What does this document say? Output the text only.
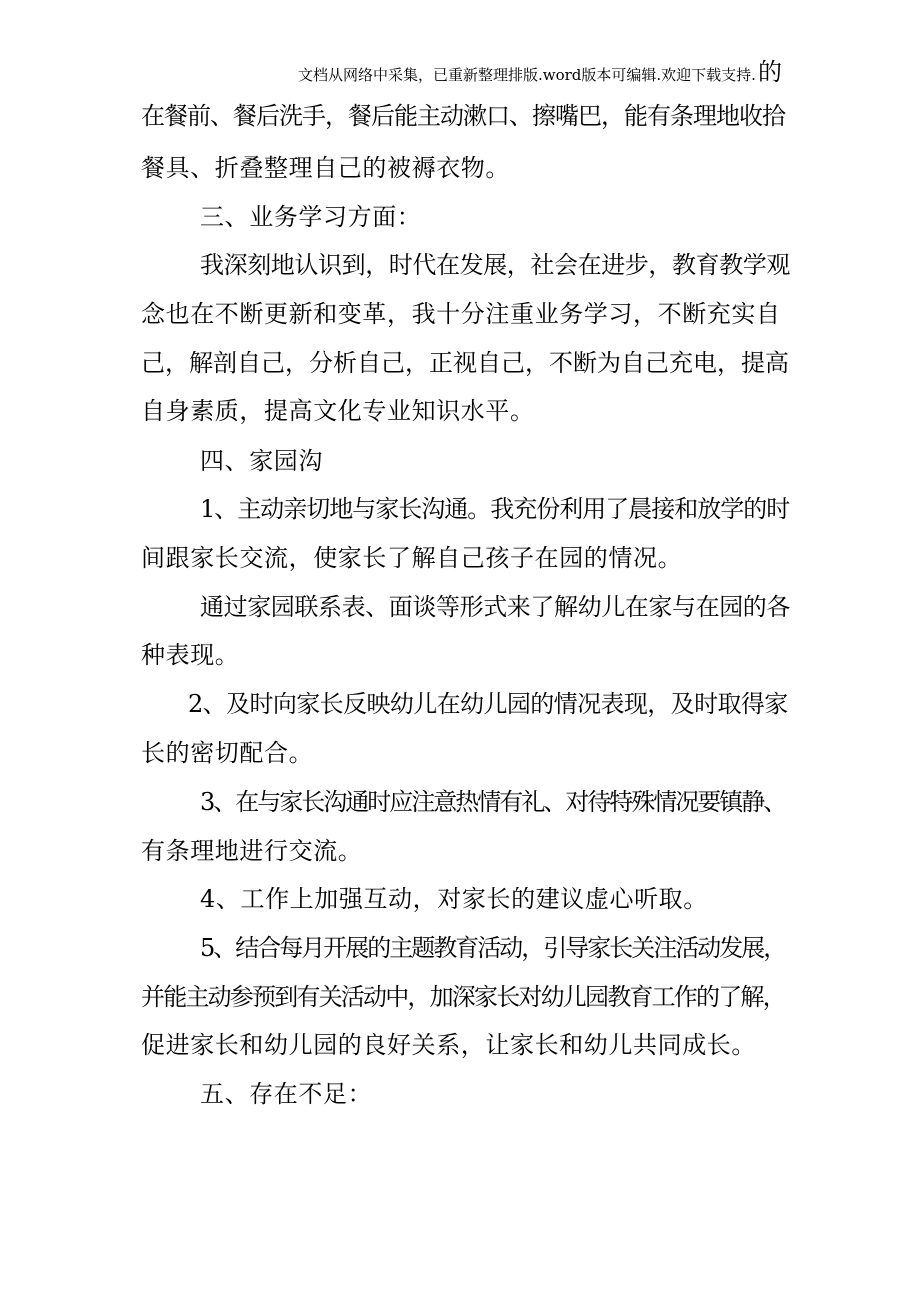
文档从网络中采集，已重新整理排版.word版本可编辑.欢迎下载支持.的
在餐前、餐后洗手，餐后能主动漱口、擦嘴巴，能有条理地收拾
餐具、折叠整理自己的被褥衣物。
三、业务学习方面：
我深刻地认识到，时代在发展，社会在进步，教育教学观
念也在不断更新和变革，我十分注重业务学习，不断充实自
己，解剖自己，分析自己，正视自己，不断为自己充电，提高
自身素质，提高文化专业知识水平。
四、家园沟
1、主动亲切地与家长沟通。我充份利用了晨接和放学的时
间跟家长交流，使家长了解自己孩子在园的情况。
通过家园联系表、面谈等形式来了解幼儿在家与在园的各
种表现。
2、及时向家长反映幼儿在幼儿园的情况表现，及时取得家
长的密切配合。
3、在与家长沟通时应注意热情有礼、对待特殊情况要镇静、
有条理地进行交流。
4、工作上加强互动，对家长的建议虚心听取。
5、结合每月开展的主题教育活动，引导家长关注活动发展，
并能主动参预到有关活动中，加深家长对幼儿园教育工作的了解，
促进家长和幼儿园的良好关系，让家长和幼儿共同成长。
五、存在不足：
